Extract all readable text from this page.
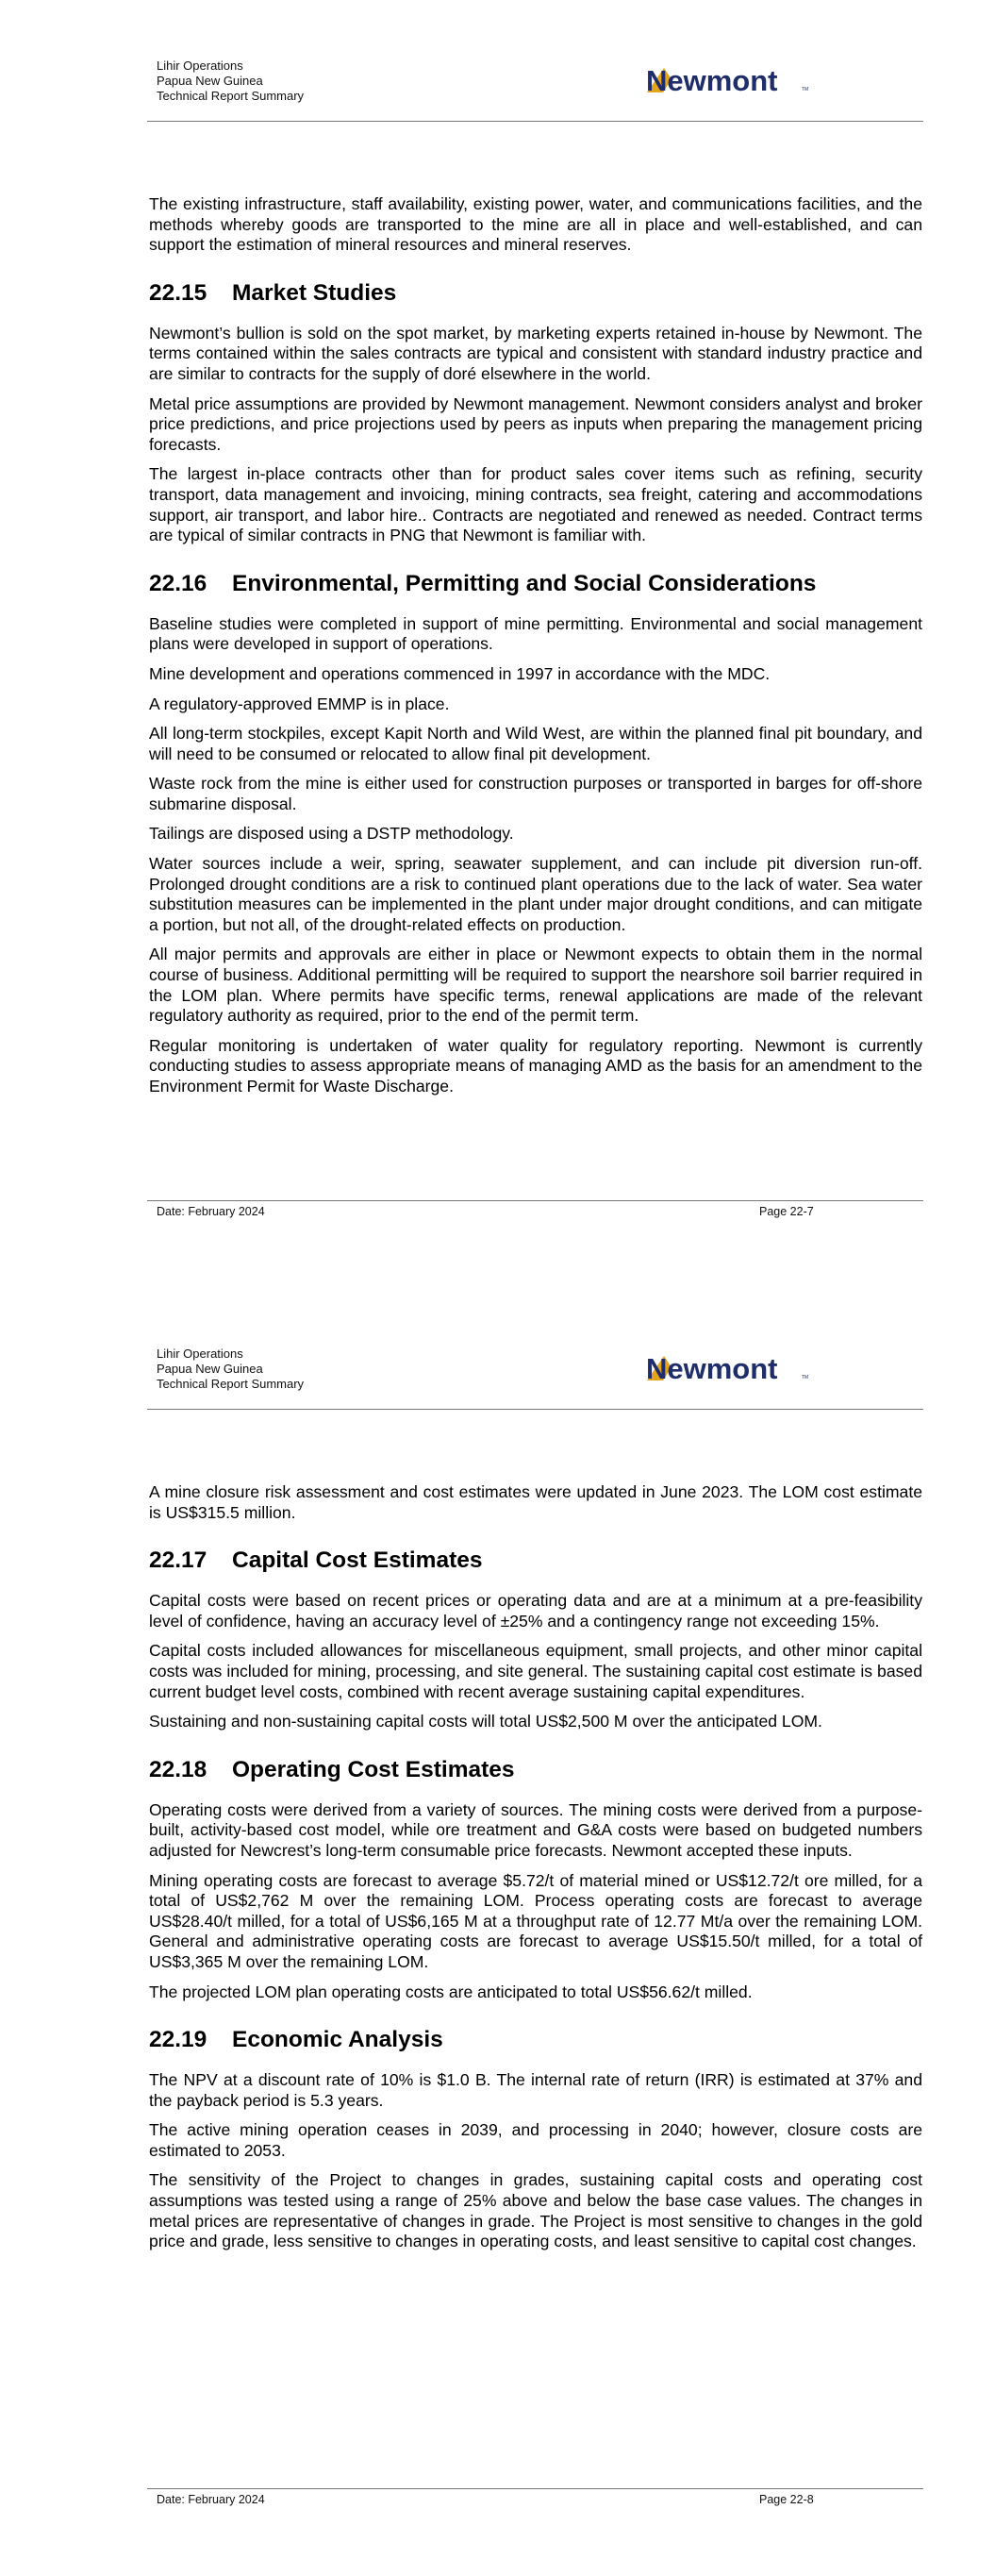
Lihir Operations
Papua New Guinea
Technical Report Summary	Newmont	TM

The existing infrastructure, staff availability, existing power, water, and communications facilities, and the methods whereby goods are transported to the mine are all in place and well-established, and can support the estimation of mineral resources and mineral reserves.

22.15 Market Studies

Newmont’s bullion is sold on the spot market, by marketing experts retained in-house by Newmont. The terms contained within the sales contracts are typical and consistent with standard industry practice and are similar to contracts for the supply of doré elsewhere in the world.

Metal price assumptions are provided by Newmont management. Newmont considers analyst and broker price predictions, and price projections used by peers as inputs when preparing the management pricing forecasts.

The largest in-place contracts other than for product sales cover items such as refining, security transport, data management and invoicing, mining contracts, sea freight, catering and accommodations support, air transport, and labor hire.. Contracts are negotiated and renewed as needed. Contract terms are typical of similar contracts in PNG that Newmont is familiar with.

22.16 Environmental, Permitting and Social Considerations

Baseline studies were completed in support of mine permitting. Environmental and social management plans were developed in support of operations.

Mine development and operations commenced in 1997 in accordance with the MDC.

A regulatory-approved EMMP is in place.

All long-term stockpiles, except Kapit North and Wild West, are within the planned final pit boundary, and will need to be consumed or relocated to allow final pit development.

Waste rock from the mine is either used for construction purposes or transported in barges for off-shore submarine disposal.

Tailings are disposed using a DSTP methodology.

Water sources include a weir, spring, seawater supplement, and can include pit diversion run-off. Prolonged drought conditions are a risk to continued plant operations due to the lack of water. Sea water substitution measures can be implemented in the plant under major drought conditions, and can mitigate a portion, but not all, of the drought-related effects on production.

All major permits and approvals are either in place or Newmont expects to obtain them in the normal course of business. Additional permitting will be required to support the nearshore soil barrier required in the LOM plan. Where permits have specific terms, renewal applications are made of the relevant regulatory authority as required, prior to the end of the permit term.

Regular monitoring is undertaken of water quality for regulatory reporting. Newmont is currently conducting studies to assess appropriate means of managing AMD as the basis for an amendment to the Environment Permit for Waste Discharge.

Date: February 2024	Page 22-7
Lihir Operations
Papua New Guinea
Technical Report Summary	Newmont	TM

A mine closure risk assessment and cost estimates were updated in June 2023. The LOM cost estimate is US$315.5 million.

22.17 Capital Cost Estimates

Capital costs were based on recent prices or operating data and are at a minimum at a pre-feasibility level of confidence, having an accuracy level of ±25% and a contingency range not exceeding 15%.

Capital costs included allowances for miscellaneous equipment, small projects, and other minor capital costs was included for mining, processing, and site general. The sustaining capital cost estimate is based current budget level costs, combined with recent average sustaining capital expenditures.

Sustaining and non-sustaining capital costs will total US$2,500 M over the anticipated LOM.

22.18 Operating Cost Estimates

Operating costs were derived from a variety of sources. The mining costs were derived from a purpose-built, activity-based cost model, while ore treatment and G&A costs were based on budgeted numbers adjusted for Newcrest’s long-term consumable price forecasts. Newmont accepted these inputs.

Mining operating costs are forecast to average $5.72/t of material mined or US$12.72/t ore milled, for a total of US$2,762 M over the remaining LOM. Process operating costs are forecast to average US$28.40/t milled, for a total of US$6,165 M at a throughput rate of 12.77 Mt/a over the remaining LOM. General and administrative operating costs are forecast to average US$15.50/t milled, for a total of US$3,365 M over the remaining LOM.

The projected LOM plan operating costs are anticipated to total US$56.62/t milled.

22.19 Economic Analysis

The NPV at a discount rate of 10% is $1.0 B. The internal rate of return (IRR) is estimated at 37% and the payback period is 5.3 years.

The active mining operation ceases in 2039, and processing in 2040; however, closure costs are estimated to 2053.

The sensitivity of the Project to changes in grades, sustaining capital costs and operating cost assumptions was tested using a range of 25% above and below the base case values. The changes in metal prices are representative of changes in grade. The Project is most sensitive to changes in the gold price and grade, less sensitive to changes in operating costs, and least sensitive to capital cost changes.

Date: February 2024	Page 22-8
